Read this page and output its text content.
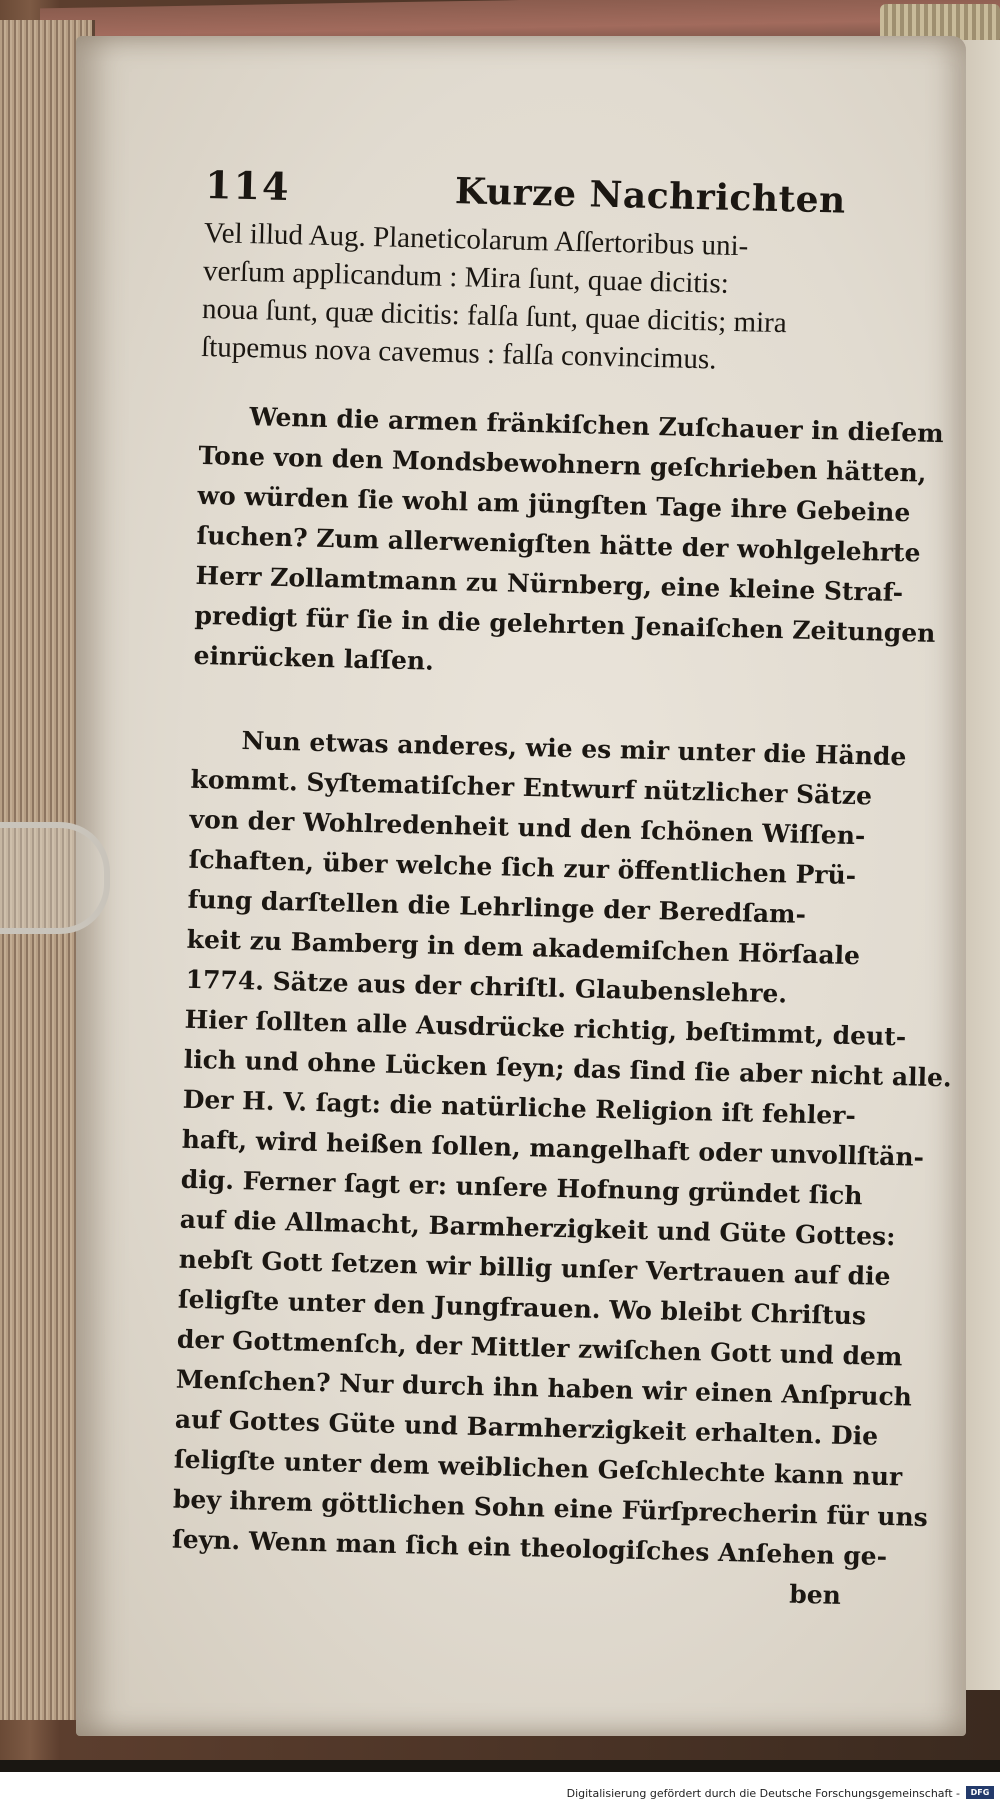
114	Kurze Nachrichten
Vel illud Aug. Planeticolarum Aſſertoribus uni-
verſum applicandum : Mira ſunt, quae dicitis:
noua ſunt, quæ dicitis: falſa ſunt, quae dicitis; mira
ſtupemus nova cavemus : falſa convincimus.
Wenn die armen fränkiſchen Zuſchauer in dieſem
Tone von den Mondsbewohnern geſchrieben hätten,
wo würden ſie wohl am jüngſten Tage ihre Gebeine
ſuchen? Zum allerwenigſten hätte der wohlgelehrte
Herr Zollamtmann zu Nürnberg, eine kleine Straf-
predigt für ſie in die gelehrten Jenaiſchen Zeitungen
einrücken laſſen.
Nun etwas anderes, wie es mir unter die Hände
kommt. Syſtematiſcher Entwurf nützlicher Sätze
von der Wohlredenheit und den ſchönen Wiſſen-
ſchaften, über welche ſich zur öffentlichen Prü-
fung darſtellen die Lehrlinge der Beredſam-
keit zu Bamberg in dem akademiſchen Hörſaale
1774. Sätze aus der chriſtl. Glaubenslehre.
Hier ſollten alle Ausdrücke richtig, beſtimmt, deut-
lich und ohne Lücken ſeyn; das ſind ſie aber nicht alle.
Der H. V. ſagt: die natürliche Religion iſt fehler-
haft, wird heißen ſollen, mangelhaft oder unvollſtän-
dig. Ferner ſagt er: unſere Hofnung gründet ſich
auf die Allmacht, Barmherzigkeit und Güte Gottes:
nebſt Gott ſetzen wir billig unſer Vertrauen auf die
ſeligſte unter den Jungfrauen. Wo bleibt Chriſtus
der Gottmenſch, der Mittler zwiſchen Gott und dem
Menſchen? Nur durch ihn haben wir einen Anſpruch
auf Gottes Güte und Barmherzigkeit erhalten. Die
ſeligſte unter dem weiblichen Geſchlechte kann nur
bey ihrem göttlichen Sohn eine Fürſprecherin für uns
ſeyn. Wenn man ſich ein theologiſches Anſehen ge-
ben
Digitalisierung gefördert durch die Deutsche Forschungsgemeinschaft -	DFG
